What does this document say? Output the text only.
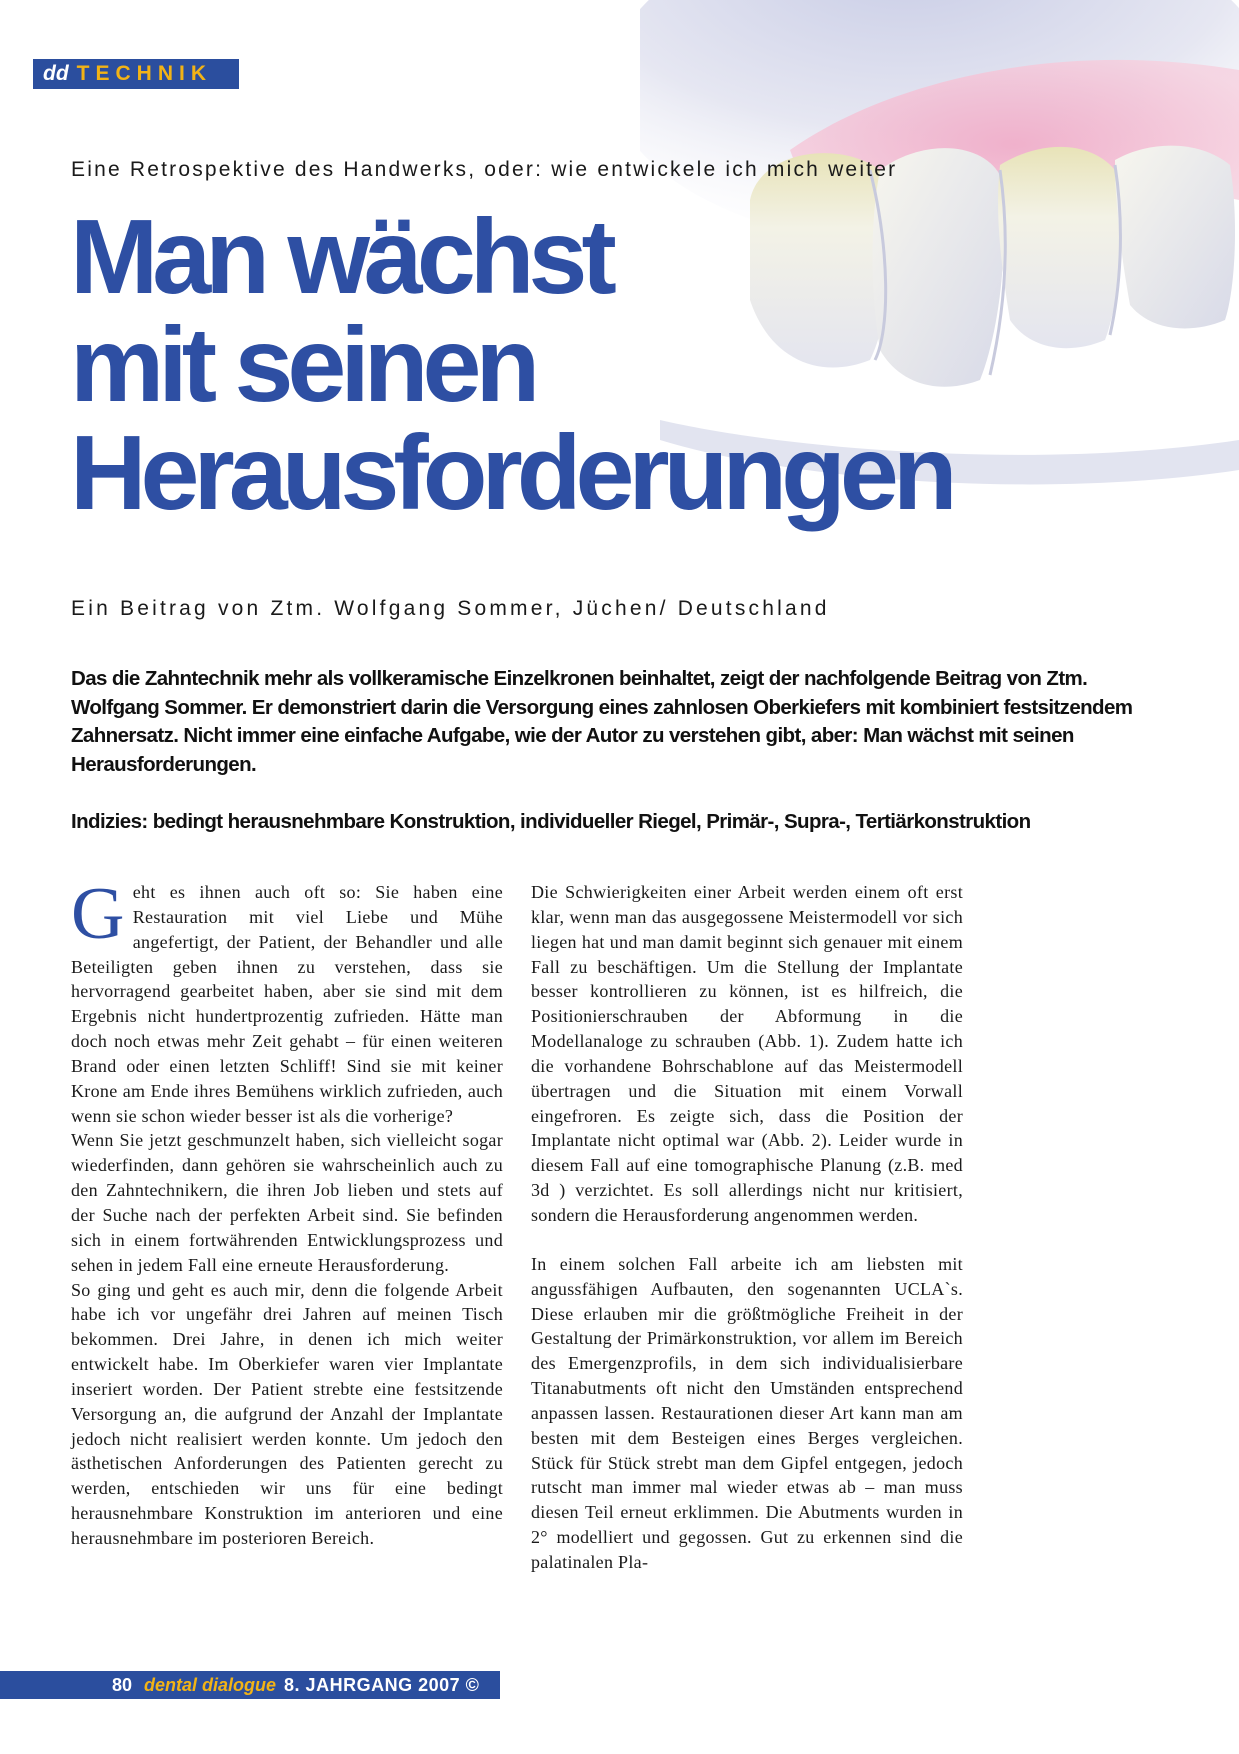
dd TECHNIK
Eine Retrospektive des Handwerks, oder: wie entwickele ich mich weiter
Man wächst
mit seinen
Herausforderungen
Ein Beitrag von Ztm. Wolfgang Sommer, Jüchen/ Deutschland

Das die Zahntechnik mehr als vollkeramische Einzelkronen beinhaltet, zeigt der nachfolgende Beitrag von Ztm. Wolfgang Sommer. Er demonstriert darin die Versorgung eines zahnlosen Oberkiefers mit kombiniert festsitzendem Zahnersatz. Nicht immer eine einfache Aufgabe, wie der Autor zu verstehen gibt, aber: Man wächst mit seinen Herausforderungen.

Indizies: bedingt herausnehmbare Konstruktion, individueller Riegel, Primär-, Supra-, Tertiärkonstruktion

G eht es ihnen auch oft so: Sie haben eine Restauration mit viel Liebe und Mühe angefertigt, der Patient, der Behandler und alle Beteiligten geben ihnen zu verstehen, dass sie hervorragend gearbeitet haben, aber sie sind mit dem Ergebnis nicht hundertprozentig zufrieden. Hätte man doch noch etwas mehr Zeit gehabt – für einen weiteren Brand oder einen letzten Schliff! Sind sie mit keiner Krone am Ende ihres Bemühens wirklich zufrieden, auch wenn sie schon wieder besser ist als die vorherige?

Wenn Sie jetzt geschmunzelt haben, sich vielleicht sogar wiederfinden, dann gehören sie wahrscheinlich auch zu den Zahntechnikern, die ihren Job lieben und stets auf der Suche nach der perfekten Arbeit sind. Sie befinden sich in einem fortwährenden Entwicklungsprozess und sehen in jedem Fall eine erneute Herausforderung.

So ging und geht es auch mir, denn die folgende Arbeit habe ich vor ungefähr drei Jahren auf meinen Tisch bekommen. Drei Jahre, in denen ich mich weiter entwickelt habe. Im Oberkiefer waren vier Implantate inseriert worden. Der Patient strebte eine festsitzende Versorgung an, die aufgrund der Anzahl der Implantate jedoch nicht realisiert werden konnte. Um jedoch den ästhetischen Anforderungen des Patienten gerecht zu werden, entschieden wir uns für eine bedingt herausnehmbare Konstruktion im anterioren und eine herausnehmbare im posterioren Bereich.

Die Schwierigkeiten einer Arbeit werden einem oft erst klar, wenn man das ausgegossene Meistermodell vor sich liegen hat und man damit beginnt sich genauer mit einem Fall zu beschäftigen. Um die Stellung der Implantate besser kontrollieren zu können, ist es hilfreich, die Positionierschrauben der Abformung in die Modellanaloge zu schrauben (Abb. 1). Zudem hatte ich die vorhandene Bohrschablone auf das Meistermodell übertragen und die Situation mit einem Vorwall eingefroren. Es zeigte sich, dass die Position der Implantate nicht optimal war (Abb. 2). Leider wurde in diesem Fall auf eine tomographische Planung (z.B. med 3d ) verzichtet. Es soll allerdings nicht nur kritisiert, sondern die Herausforderung angenommen werden.

In einem solchen Fall arbeite ich am liebsten mit angussfähigen Aufbauten, den sogenannten UCLA`s. Diese erlauben mir die größtmögliche Freiheit in der Gestaltung der Primärkonstruktion, vor allem im Bereich des Emergenzprofils, in dem sich individualisierbare Titanabutments oft nicht den Umständen entsprechend anpassen lassen. Restaurationen dieser Art kann man am besten mit dem Besteigen eines Berges vergleichen. Stück für Stück strebt man dem Gipfel entgegen, jedoch rutscht man immer mal wieder etwas ab – man muss diesen Teil erneut erklimmen. Die Abutments wurden in 2° modelliert und gegossen. Gut zu erkennen sind die palatinalen Pla-

80 dental dialogue 8. JAHRGANG 2007 ©
